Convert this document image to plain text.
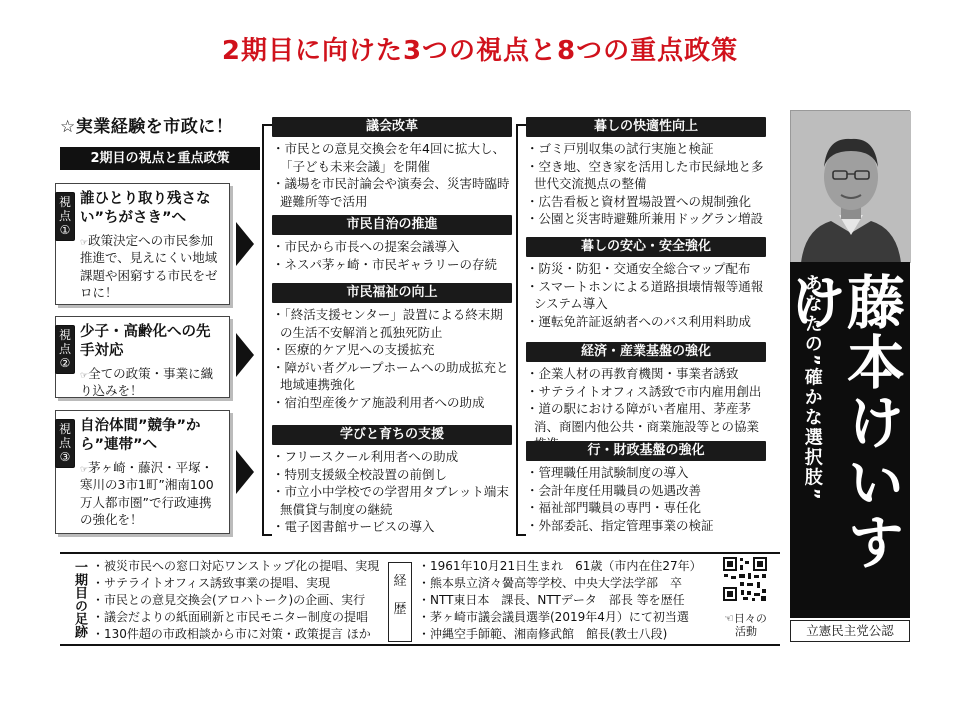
2期目に向けた3つの視点と8つの重点政策
☆実業経験を市政に！
2期目の視点と重点政策
視点①
誰ひとり取り残さない”ちがさき”へ
☞政策決定への市民参加推進で、見えにくい地域課題や困窮する市民をゼロに！
視点②
少子・高齢化への先手対応
☞全ての政策・事業に織り込みを！
視点③
自治体間”競争”から”連帯”へ
☞茅ヶ崎・藤沢・平塚・寒川の3市1町”湘南100万人都市圏”で行政連携の強化を！
議会改革
・市民との意見交換会を年4回に拡大し、「子ども未来会議」を開催
・議場を市民討論会や演奏会、災害時臨時避難所等で活用
市民自治の推進
・市民から市長への提案会議導入
・ネスパ茅ヶ崎・市民ギャラリーの存続
市民福祉の向上
・「終活支援センター」設置による終末期の生活不安解消と孤独死防止
・医療的ケア児への支援拡充
・障がい者グループホームへの助成拡充と地域連携強化
・宿泊型産後ケア施設利用者への助成
学びと育ちの支援
・フリースクール利用者への助成
・特別支援級全校設置の前倒し
・市立小中学校での学習用タブレット端末無償貸与制度の継続
・電子図書館サービスの導入
暮しの快適性向上
・ゴミ戸別収集の試行実施と検証
・空き地、空き家を活用した市民緑地と多世代交流拠点の整備
・広告看板と資材置場設置への規制強化
・公園と災害時避難所兼用ドッグラン増設
暮しの安心・安全強化
・防災・防犯・交通安全総合マップ配布
・スマートホンによる道路損壊情報等通報システム導入
・運転免許証返納者へのバス利用料助成
経済・産業基盤の強化
・企業人材の再教育機関・事業者誘致
・サテライトオフィス誘致で市内雇用創出
・道の駅における障がい者雇用、茅産茅消、商圏内他公共・商業施設等との協業
行・財政基盤の強化
・管理職任用試験制度の導入
・会計年度任用職員の処遇改善
・福祉部門職員の専門・専任化
・外部委託、指定管理事業の検証
あなたの”確かな選択肢” 藤本けいすけ
立憲民主党公認
一期目の足跡 ・被災市民への窓口対応ワンストップ化の提唱、実現
・サテライトオフィス誘致事業の提唱、実現
・市民との意見交換会(アロハトーク)の企画、実行
・議会だよりの紙面刷新と市民モニター制度の提唱
・130件超の市政相談から市に対策・政策提言 ほか
経
歴
・1961年10月21日生まれ　61歳（市内在住27年）
・熊本県立済々黌高等学校、中央大学法学部　卒
・NTT東日本　課長、NTTデータ　部長 等を歴任
・茅ヶ崎市議会議員選挙(2019年4月）にて初当選
・沖縄空手師範、湘南修武館　館長(教士八段)
☜日々の
　活動
